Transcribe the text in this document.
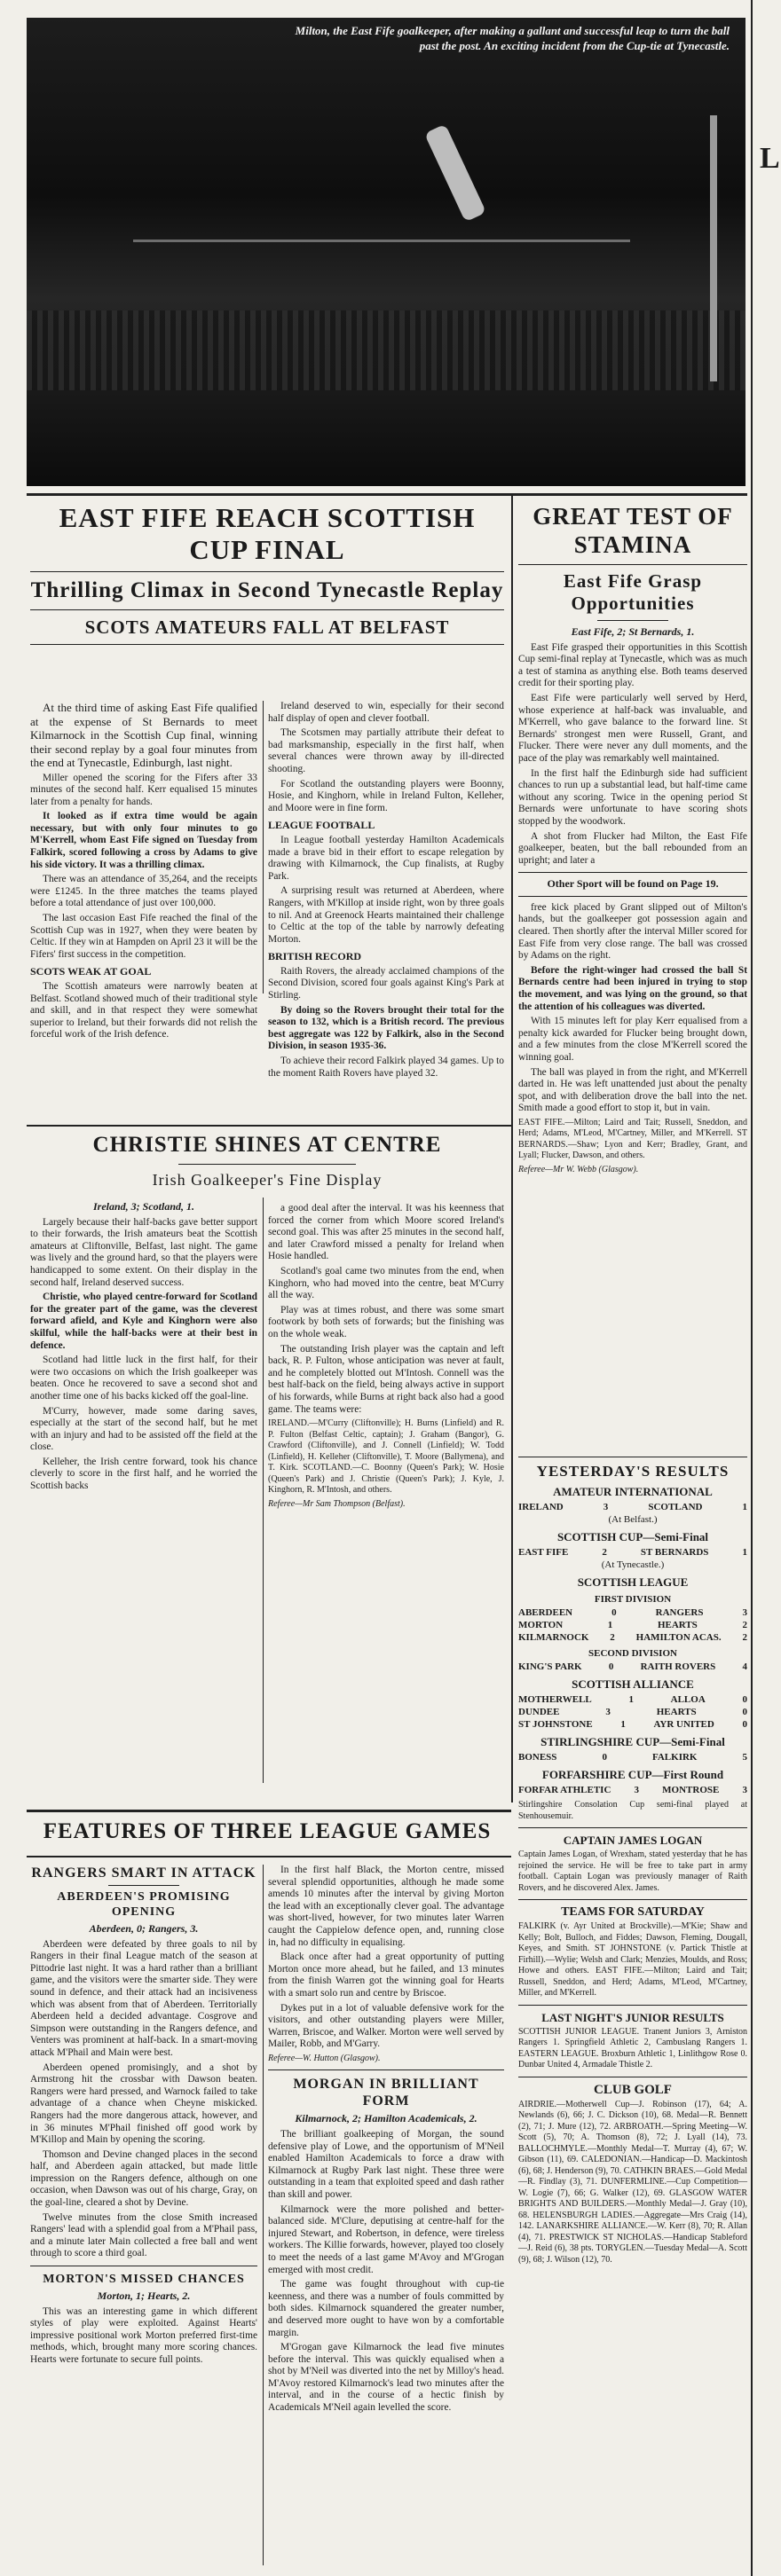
Milton, the East Fife goalkeeper, after making a gallant and successful leap to turn the ball past the post. An exciting incident from the Cup-tie at Tynecastle.
L
EAST FIFE REACH SCOTTISH CUP FINAL
Thrilling Climax in Second Tynecastle Replay
SCOTS AMATEURS FALL AT BELFAST

At the third time of asking East Fife qualified at the expense of St Bernards to meet Kilmarnock in the Scottish Cup final, winning their second replay by a goal four minutes from the end at Tynecastle, Edinburgh, last night.

Miller opened the scoring for the Fifers after 33 minutes of the second half. Kerr equalised 15 minutes later from a penalty for hands.

It looked as if extra time would be again necessary, but with only four minutes to go M'Kerrell, whom East Fife signed on Tuesday from Falkirk, scored following a cross by Adams to give his side victory. It was a thrilling climax.

There was an attendance of 35,264, and the receipts were £1245. In the three matches the teams played before a total attendance of just over 100,000.

The last occasion East Fife reached the final of the Scottish Cup was in 1927, when they were beaten by Celtic. If they win at Hampden on April 23 it will be the Fifers' first success in the competition.

SCOTS WEAK AT GOAL

The Scottish amateurs were narrowly beaten at Belfast. Scotland showed much of their traditional style and skill, and in that respect they were somewhat superior to Ireland, but their forwards did not relish the forceful work of the Irish defence.

Ireland deserved to win, especially for their second half display of open and clever football.

The Scotsmen may partially attribute their defeat to bad marksmanship, especially in the first half, when several chances were thrown away by ill-directed shooting.

For Scotland the outstanding players were Boonny, Hosie, and Kinghorn, while in Ireland Fulton, Kelleher, and Moore were in fine form.

LEAGUE FOOTBALL

In League football yesterday Hamilton Academicals made a brave bid in their effort to escape relegation by drawing with Kilmarnock, the Cup finalists, at Rugby Park.

A surprising result was returned at Aberdeen, where Rangers, with M'Killop at inside right, won by three goals to nil. And at Greenock Hearts maintained their challenge to Celtic at the top of the table by narrowly defeating Morton.

BRITISH RECORD

Raith Rovers, the already acclaimed champions of the Second Division, scored four goals against King's Park at Stirling.

By doing so the Rovers brought their total for the season to 132, which is a British record. The previous best aggregate was 122 by Falkirk, also in the Second Division, in season 1935-36.

To achieve their record Falkirk played 34 games. Up to the moment Raith Rovers have played 32.

CHRISTIE SHINES AT CENTRE
Irish Goalkeeper's Fine Display
Ireland, 3; Scotland, 1.

Largely because their half-backs gave better support to their forwards, the Irish amateurs beat the Scottish amateurs at Cliftonville, Belfast, last night. The game was lively and the ground hard, so that the players were handicapped to some extent. On their display in the second half, Ireland deserved success.

Christie, who played centre-forward for Scotland for the greater part of the game, was the cleverest forward afield, and Kyle and Kinghorn were also skilful, while the half-backs were at their best in defence.

Scotland had little luck in the first half, for their were two occasions on which the Irish goalkeeper was beaten. Once he recovered to save a second shot and another time one of his backs kicked off the goal-line.

M'Curry, however, made some daring saves, especially at the start of the second half, but he met with an injury and had to be assisted off the field at the close.

Kelleher, the Irish centre forward, took his chance cleverly to score in the first half, and he worried the Scottish backs

a good deal after the interval. It was his keenness that forced the corner from which Moore scored Ireland's second goal. This was after 25 minutes in the second half, and later Crawford missed a penalty for Ireland when Hosie handled.

Scotland's goal came two minutes from the end, when Kinghorn, who had moved into the centre, beat M'Curry all the way.

Play was at times robust, and there was some smart footwork by both sets of forwards; but the finishing was on the whole weak.

The outstanding Irish player was the captain and left back, R. P. Fulton, whose anticipation was never at fault, and he completely blotted out M'Intosh. Connell was the best half-back on the field, being always active in support of his forwards, while Burns at right back also had a good game. The teams were:

IRELAND.—M'Curry (Cliftonville); H. Burns (Linfield) and R. P. Fulton (Belfast Celtic, captain); J. Graham (Bangor), G. Crawford (Cliftonville), and J. Connell (Linfield); W. Todd (Linfield), H. Kelleher (Cliftonville), T. Moore (Ballymena), and T. Kirk. SCOTLAND.—C. Boonny (Queen's Park); W. Hosie (Queen's Park) and J. Christie (Queen's Park); J. Kyle, J. Kinghorn, R. M'Intosh, and others.

Referee—Mr Sam Thompson (Belfast).

FEATURES OF THREE LEAGUE GAMES
RANGERS SMART IN ATTACK
ABERDEEN'S PROMISING OPENING
Aberdeen, 0; Rangers, 3.

Aberdeen were defeated by three goals to nil by Rangers in their final League match of the season at Pittodrie last night. It was a hard rather than a brilliant game, and the visitors were the smarter side. They were sound in defence, and their attack had an incisiveness which was absent from that of Aberdeen. Territorially Aberdeen held a decided advantage. Cosgrove and Simpson were outstanding in the Rangers defence, and Venters was prominent at half-back. In a smart-moving attack M'Phail and Main were best.

Aberdeen opened promisingly, and a shot by Armstrong hit the crossbar with Dawson beaten. Rangers were hard pressed, and Warnock failed to take advantage of a chance when Cheyne miskicked. Rangers had the more dangerous attack, however, and in 36 minutes M'Phail finished off good work by M'Killop and Main by opening the scoring.

Thomson and Devine changed places in the second half, and Aberdeen again attacked, but made little impression on the Rangers defence, although on one occasion, when Dawson was out of his charge, Gray, on the goal-line, cleared a shot by Devine.

Twelve minutes from the close Smith increased Rangers' lead with a splendid goal from a M'Phail pass, and a minute later Main collected a free ball and went through to score a third goal.

MORTON'S MISSED CHANCES
Morton, 1; Hearts, 2.

This was an interesting game in which different styles of play were exploited. Against Hearts' impressive positional work Morton preferred first-time methods, which, brought many more scoring chances. Hearts were fortunate to secure full points.

In the first half Black, the Morton centre, missed several splendid opportunities, although he made some amends 10 minutes after the interval by giving Morton the lead with an exceptionally clever goal. The advantage was short-lived, however, for two minutes later Warren caught the Cappielow defence open, and, running close in, had no difficulty in equalising.

Black once after had a great opportunity of putting Morton once more ahead, but he failed, and 13 minutes from the finish Warren got the winning goal for Hearts with a smart solo run and centre by Briscoe.

Dykes put in a lot of valuable defensive work for the visitors, and other outstanding players were Miller, Warren, Briscoe, and Walker. Morton were well served by Mailer, Robb, and M'Garry.

Referee—W. Hutton (Glasgow).

MORGAN IN BRILLIANT FORM
Kilmarnock, 2; Hamilton Academicals, 2.

The brilliant goalkeeping of Morgan, the sound defensive play of Lowe, and the opportunism of M'Neil enabled Hamilton Academicals to force a draw with Kilmarnock at Rugby Park last night. These three were outstanding in a team that exploited speed and dash rather than skill and power.

Kilmarnock were the more polished and better-balanced side. M'Clure, deputising at centre-half for the injured Stewart, and Robertson, in defence, were tireless workers. The Killie forwards, however, played too closely to meet the needs of a last game M'Avoy and M'Grogan emerged with most credit.

The game was fought throughout with cup-tie keenness, and there was a number of fouls committed by both sides. Kilmarnock squandered the greater number, and deserved more ought to have won by a comfortable margin.

M'Grogan gave Kilmarnock the lead five minutes before the interval. This was quickly equalised when a shot by M'Neil was diverted into the net by Milloy's head. M'Avoy restored Kilmarnock's lead two minutes after the interval, and in the course of a hectic finish by Academicals M'Neil again levelled the score.

GREAT TEST OF STAMINA
East Fife Grasp Opportunities
East Fife, 2; St Bernards, 1.

East Fife grasped their opportunities in this Scottish Cup semi-final replay at Tynecastle, which was as much a test of stamina as anything else. Both teams deserved credit for their sporting play.

East Fife were particularly well served by Herd, whose experience at half-back was invaluable, and M'Kerrell, who gave balance to the forward line. St Bernards' strongest men were Russell, Grant, and Flucker. There were never any dull moments, and the pace of the play was remarkably well maintained.

In the first half the Edinburgh side had sufficient chances to run up a substantial lead, but half-time came without any scoring. Twice in the opening period St Bernards were unfortunate to have scoring shots stopped by the woodwork.

A shot from Flucker had Milton, the East Fife goalkeeper, beaten, but the ball rebounded from an upright; and later a

Other Sport will be found on Page 19.

free kick placed by Grant slipped out of Milton's hands, but the goalkeeper got possession again and cleared. Then shortly after the interval Miller scored for East Fife from very close range. The ball was crossed by Adams on the right.

Before the right-winger had crossed the ball St Bernards centre had been injured in trying to stop the movement, and was lying on the ground, so that the attention of his colleagues was diverted.

With 15 minutes left for play Kerr equalised from a penalty kick awarded for Flucker being brought down, and a few minutes from the close M'Kerrell scored the winning goal.

The ball was played in from the right, and M'Kerrell darted in. He was left unattended just about the penalty spot, and with deliberation drove the ball into the net. Smith made a good effort to stop it, but in vain.

EAST FIFE.—Milton; Laird and Tait; Russell, Sneddon, and Herd; Adams, M'Leod, M'Cartney, Miller, and M'Kerrell. ST BERNARDS.—Shaw; Lyon and Kerr; Bradley, Grant, and Lyall; Flucker, Dawson, and others.

Referee—Mr W. Webb (Glasgow).

YESTERDAY'S RESULTS
AMATEUR INTERNATIONAL
IRELAND	3	SCOTLAND	1
(At Belfast.)
SCOTTISH CUP—Semi-Final
EAST FIFE	2	ST BERNARDS	1
(At Tynecastle.)
SCOTTISH LEAGUE
FIRST DIVISION
ABERDEEN	0	RANGERS	3
MORTON	1	HEARTS	2
KILMARNOCK 2 HAMILTON ACAS. 2
SECOND DIVISION
KING'S PARK	0	RAITH ROVERS	4
SCOTTISH ALLIANCE
MOTHERWELL	1	ALLOA	0
DUNDEE	3	HEARTS	0
ST JOHNSTONE	1	AYR UNITED	0
STIRLINGSHIRE CUP—Semi-Final
BONESS	0	FALKIRK	5
FORFARSHIRE CUP—First Round
FORFAR ATHLETIC 3 MONTROSE 3

Stirlingshire Consolation Cup semi-final played at Stenhousemuir.

CAPTAIN JAMES LOGAN

Captain James Logan, of Wrexham, stated yesterday that he has rejoined the service. He will be free to take part in army football. Captain Logan was previously manager of Raith Rovers, and he discovered Alex. James.

TEAMS FOR SATURDAY

FALKIRK (v. Ayr United at Brockville).—M'Kie; Shaw and Kelly; Bolt, Bulloch, and Fiddes; Dawson, Fleming, Dougall, Keyes, and Smith. ST JOHNSTONE (v. Partick Thistle at Firhill).—Wylie; Welsh and Clark; Menzies, Moulds, and Ross; Howe and others. EAST FIFE.—Milton; Laird and Tait; Russell, Sneddon, and Herd; Adams, M'Leod, M'Cartney, Miller, and M'Kerrell.

LAST NIGHT'S JUNIOR RESULTS

SCOTTISH JUNIOR LEAGUE. Tranent Juniors 3, Arniston Rangers 1. Springfield Athletic 2, Cambuslang Rangers 1. EASTERN LEAGUE. Broxburn Athletic 1, Linlithgow Rose 0. Dunbar United 4, Armadale Thistle 2.

CLUB GOLF

AIRDRIE.—Motherwell Cup—J. Robinson (17), 64; A. Newlands (6), 66; J. C. Dickson (10), 68. Medal—R. Bennett (2), 71; J. Mure (12), 72. ARBROATH.—Spring Meeting—W. Scott (5), 70; A. Thomson (8), 72; J. Lyall (14), 73. BALLOCHMYLE.—Monthly Medal—T. Murray (4), 67; W. Gibson (11), 69. CALEDONIAN.—Handicap—D. Mackintosh (6), 68; J. Henderson (9), 70. CATHKIN BRAES.—Gold Medal—R. Findlay (3), 71. DUNFERMLINE.—Cup Competition—W. Logie (7), 66; G. Walker (12), 69. GLASGOW WATER BRIGHTS AND BUILDERS.—Monthly Medal—J. Gray (10), 68. HELENSBURGH LADIES.—Aggregate—Mrs Craig (14), 142. LANARKSHIRE ALLIANCE.—W. Kerr (8), 70; R. Allan (4), 71. PRESTWICK ST NICHOLAS.—Handicap Stableford—J. Reid (6), 38 pts. TORYGLEN.—Tuesday Medal—A. Scott (9), 68; J. Wilson (12), 70.
